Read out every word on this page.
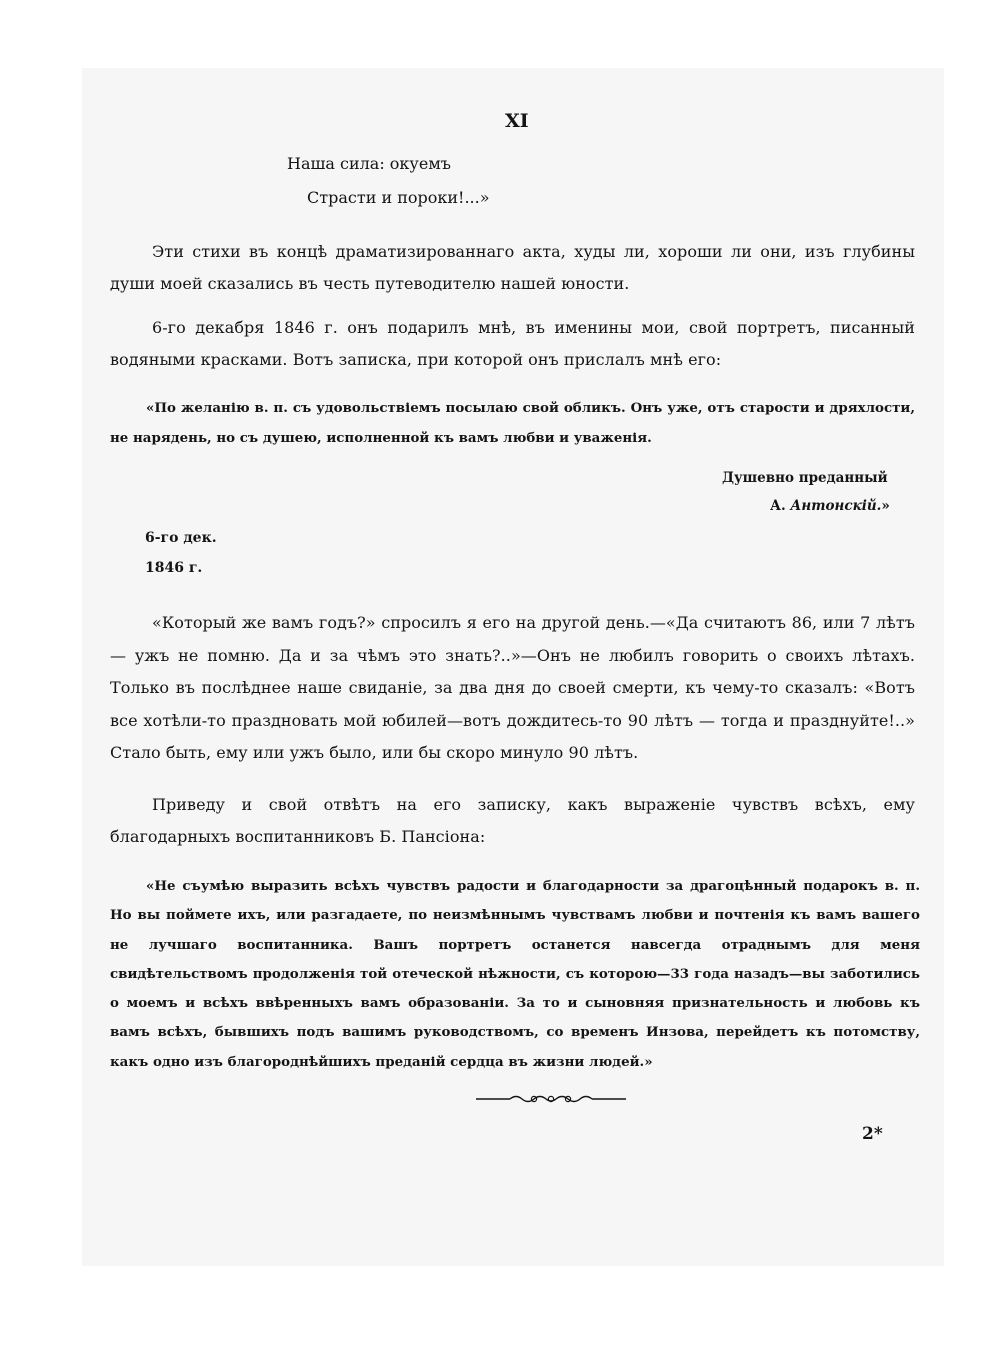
XI
Наша сила: окуемъ
Страсти и пороки!...»

Эти стихи въ концѣ драматизированнаго акта, худы ли, хороши ли они, изъ глубины души моей сказались въ честь путеводителю нашей юности.

6-го декабря 1846 г. онъ подарилъ мнѣ, въ именины мои, свой портретъ, писанный водяными красками. Вотъ записка, при которой онъ прислалъ мнѣ его:

«По желанію в. п. съ удовольствіемъ посылаю свой обликъ. Онъ уже, отъ старости и дряхлости, не нарядень, но съ душею, исполненной къ вамъ любви и уваженія.

Душевно преданный
А. Антонскій.»
6-го дек.
1846 г.

«Который же вамъ годъ?» спросилъ я его на другой день.—«Да считаютъ 86, или 7 лѣтъ— ужъ не помню. Да и за чѣмъ это знать?..»—Онъ не любилъ говорить о своихъ лѣтахъ. Только въ послѣднее наше свиданіе, за два дня до своей смерти, къ чему-то сказалъ: «Вотъ все хотѣли-то праздновать мой юбилей—вотъ дождитесь-то 90 лѣтъ — тогда и празднуйте!..» Стало быть, ему или ужъ было, или бы скоро минуло 90 лѣтъ.

Приведу и свой отвѣтъ на его записку, какъ выраженіе чувствъ всѣхъ, ему благодарныхъ воспитанниковъ Б. Пансіона:

«Не съумѣю выразить всѣхъ чувствъ радости и благодарности за драгоцѣнный подарокъ в. п. Но вы поймете ихъ, или разгадаете, по неизмѣннымъ чувствамъ любви и почтенія къ вамъ вашего не лучшаго воспитанника. Вашъ портретъ останется навсегда отраднымъ для меня свидѣтельствомъ продолженія той отеческой нѣжности, съ которою—33 года назадъ—вы заботились о моемъ и всѣхъ ввѣренныхъ вамъ образованіи. За то и сыновняя признательность и любовь къ вамъ всѣхъ, бывшихъ подъ вашимъ руководствомъ, со временъ Инзова, перейдетъ къ потомству, какъ одно изъ благороднѣйшихъ преданій сердца въ жизни людей.»

2*
